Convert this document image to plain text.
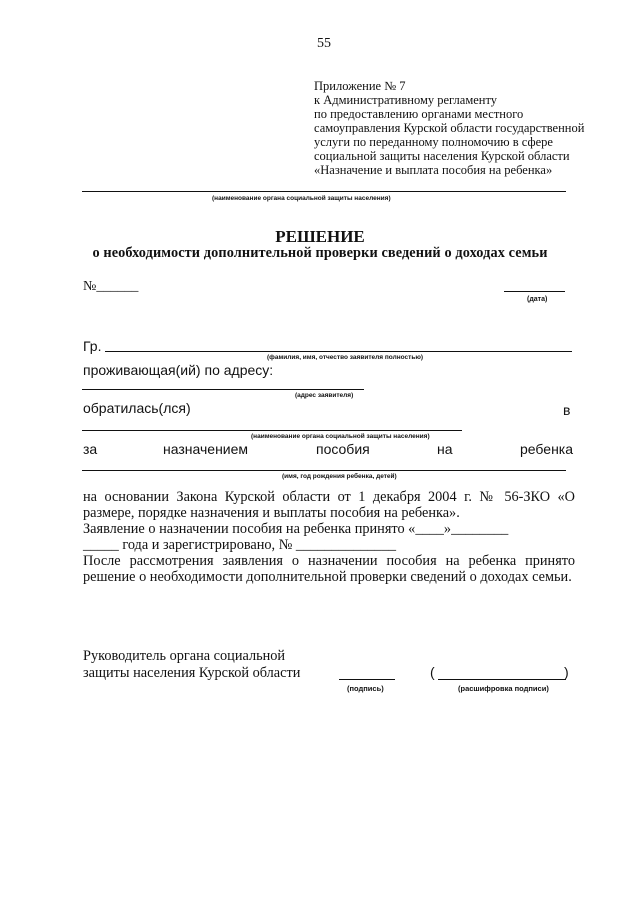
55
Приложение № 7
к Административному регламенту
по предоставлению органами местного
самоуправления Курской области государственной
услуги по переданному полномочию в сфере
социальной защиты населения Курской области
«Назначение и выплата пособия на ребенка»
(наименование органа социальной защиты населения)
РЕШЕНИЕ
о необходимости дополнительной проверки сведений о доходах семьи
№______
(дата)
Гр.
(фамилия, имя, отчество заявителя полностью)
проживающая(ий) по адресу:
(адрес заявителя)
обратилась(лся)	в
(наименование органа социальной защиты населения)
за	назначением	пособия	на	ребенка
(имя, год рождения ребенка, детей)
на основании Закона Курской области от 1 декабря 2004 г. № 56-ЗКО «О размере, порядке назначения и выплаты пособия на ребенка».
Заявление о назначении пособия на ребенка принято «____»________
_____ года и зарегистрировано, № ______________
После рассмотрения заявления о назначении пособия на ребенка принято решение о необходимости дополнительной проверки сведений о доходах семьи.
Руководитель органа социальной
защиты населения Курской области
(подпись)
(	)
(расшифровка подписи)
